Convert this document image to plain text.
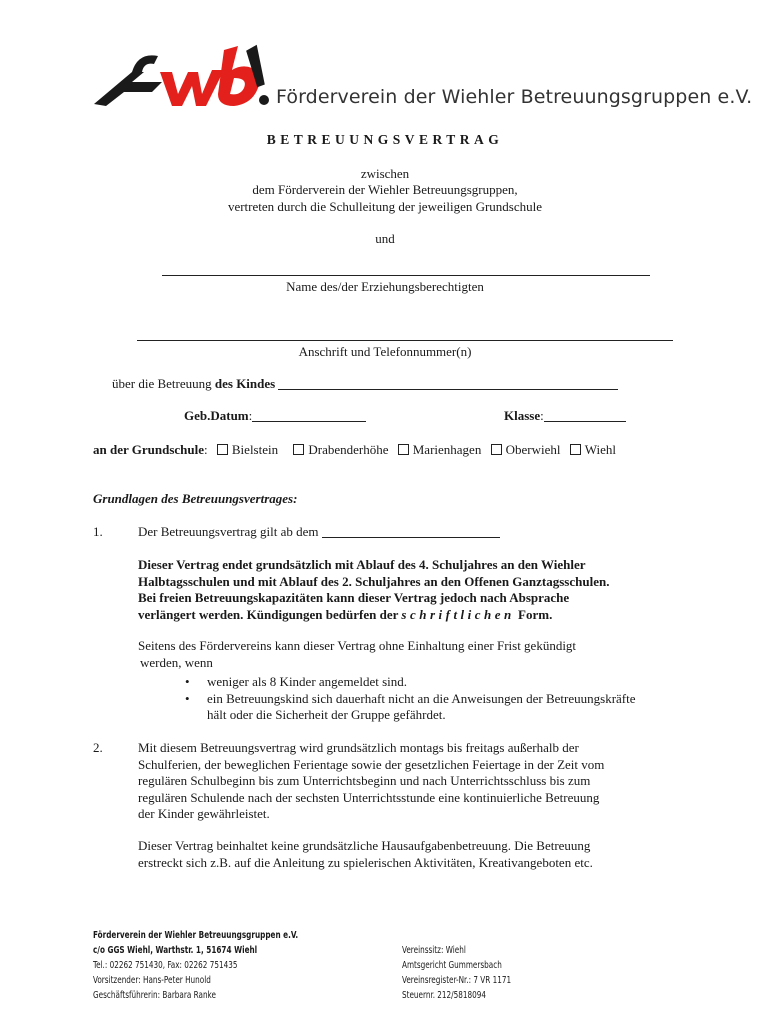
Förderverein der Wiehler Betreuungsgruppen e.V.
BETREUUNGSVERTRAG
zwischen
dem Förderverein der Wiehler Betreuungsgruppen,
vertreten durch die Schulleitung der jeweiligen Grundschule
und
Name des/der Erziehungsberechtigten
Anschrift und Telefonnummer(n)
über die Betreuung des Kindes
Geb.Datum:	Klasse:
an der Grundschule: Bielstein Drabenderhöhe Marienhagen Oberwiehl Wiehl
Grundlagen des Betreuungsvertrages:
1.	Der Betreuungsvertrag gilt ab dem
Dieser Vertrag endet grundsätzlich mit Ablauf des 4. Schuljahres an den Wiehler
Halbtagsschulen und mit Ablauf des 2. Schuljahres an den Offenen Ganztagsschulen.
Bei freien Betreuungskapazitäten kann dieser Vertrag jedoch nach Absprache
verlängert werden. Kündigungen bedürfen der schriftlichen Form.
Seitens des Fördervereins kann dieser Vertrag ohne Einhaltung einer Frist gekündigt
werden, wenn
• weniger als 8 Kinder angemeldet sind.
• ein Betreuungskind sich dauerhaft nicht an die Anweisungen der Betreuungskräfte hält oder die Sicherheit der Gruppe gefährdet.
2.	Mit diesem Betreuungsvertrag wird grundsätzlich montags bis freitags außerhalb der
Schulferien, der beweglichen Ferientage sowie der gesetzlichen Feiertage in der Zeit vom
regulären Schulbeginn bis zum Unterrichtsbeginn und nach Unterrichtsschluss bis zum
regulären Schulende nach der sechsten Unterrichtsstunde eine kontinuierliche Betreuung
der Kinder gewährleistet.
Dieser Vertrag beinhaltet keine grundsätzliche Hausaufgabenbetreuung. Die Betreuung
erstreckt sich z.B. auf die Anleitung zu spielerischen Aktivitäten, Kreativangeboten etc.
Förderverein der Wiehler Betreuungsgruppen e.V.
c/o GGS Wiehl, Warthstr. 1, 51674 Wiehl
Tel.: 02262 751430, Fax: 02262 751435
Vorsitzender: Hans-Peter Hunold
Geschäftsführerin: Barbara Ranke
Vereinssitz: Wiehl
Amtsgericht Gummersbach
Vereinsregister-Nr.: 7 VR 1171
Steuernr. 212/5818094
